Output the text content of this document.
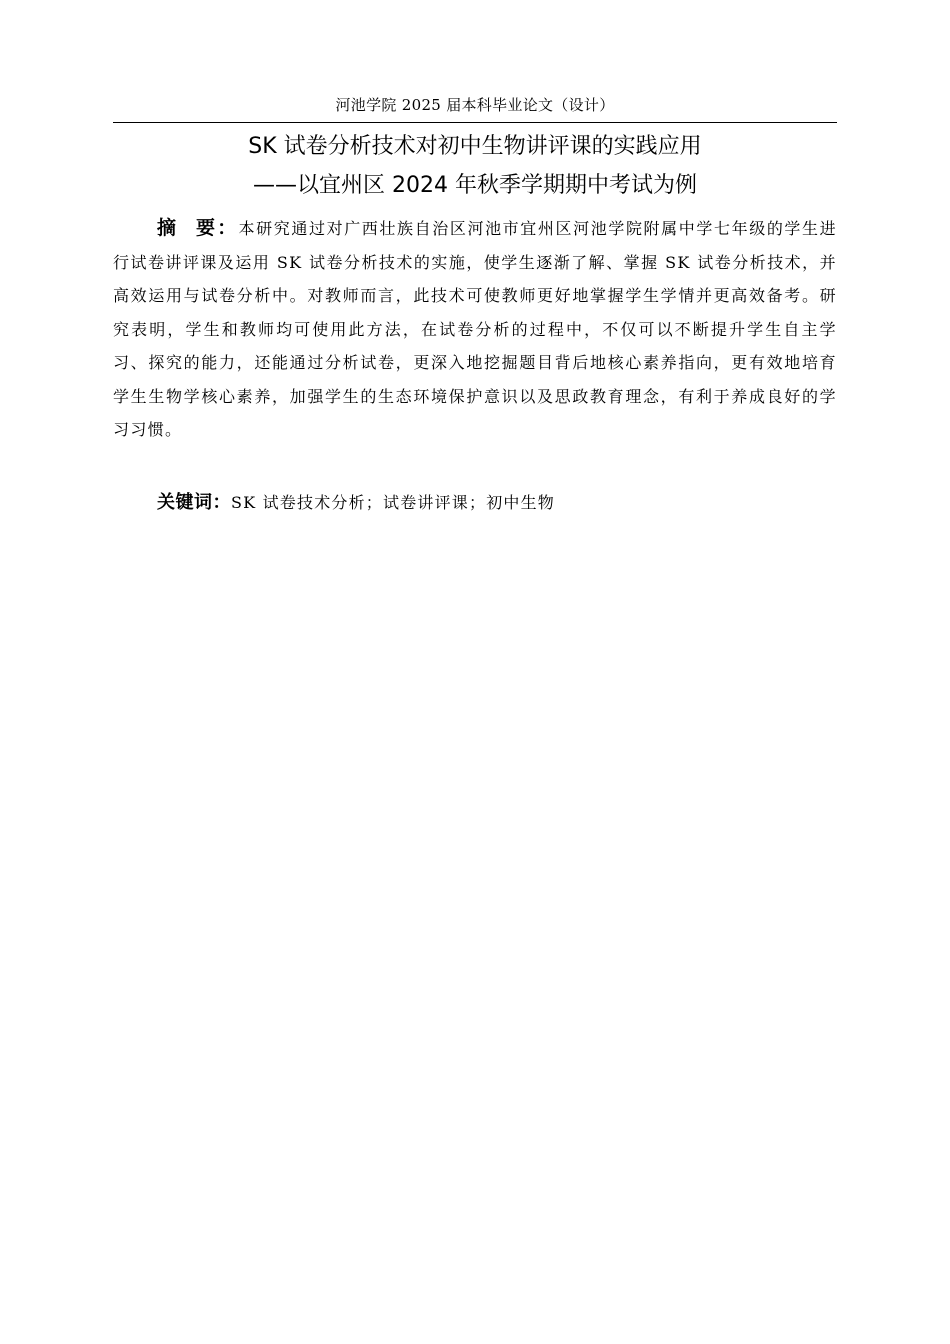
河池学院 2025 届本科毕业论文（设计）
SK 试卷分析技术对初中生物讲评课的实践应用
——以宜州区 2024 年秋季学期期中考试为例
摘  要：本研究通过对广西壮族自治区河池市宜州区河池学院附属中学七年级的学生进行试卷讲评课及运用 SK 试卷分析技术的实施，使学生逐渐了解、掌握 SK 试卷分析技术，并高效运用与试卷分析中。对教师而言，此技术可使教师更好地掌握学生学情并更高效备考。研究表明，学生和教师均可使用此方法，在试卷分析的过程中，不仅可以不断提升学生自主学习、探究的能力，还能通过分析试卷，更深入地挖掘题目背后地核心素养指向，更有效地培育学生生物学核心素养，加强学生的生态环境保护意识以及思政教育理念，有利于养成良好的学习习惯。
关键词：SK 试卷技术分析；试卷讲评课；初中生物
